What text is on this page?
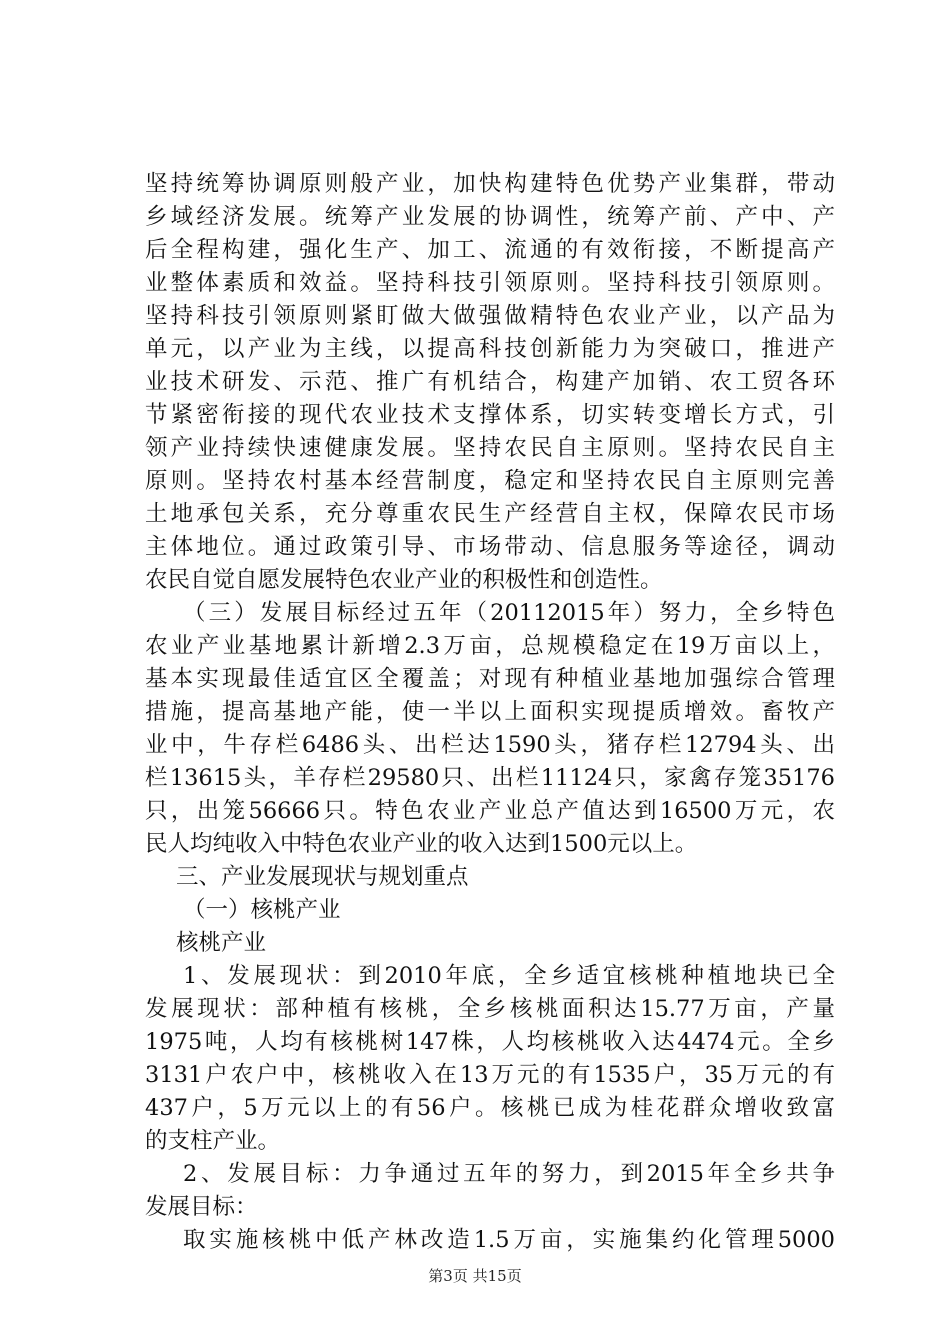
坚持统筹协调原则般产业，加快构建特色优势产业集群，带动
乡域经济发展。统筹产业发展的协调性，统筹产前、产中、产
后全程构建，强化生产、加工、流通的有效衔接，不断提高产
业整体素质和效益。坚持科技引领原则。坚持科技引领原则。
坚持科技引领原则紧盯做大做强做精特色农业产业，以产品为
单元，以产业为主线，以提高科技创新能力为突破口，推进产
业技术研发、示范、推广有机结合，构建产加销、农工贸各环
节紧密衔接的现代农业技术支撑体系，切实转变增长方式，引
领产业持续快速健康发展。坚持农民自主原则。坚持农民自主
原则。坚持农村基本经营制度，稳定和坚持农民自主原则完善
土地承包关系，充分尊重农民生产经营自主权，保障农民市场
主体地位。通过政策引导、市场带动、信息服务等途径，调动
农民自觉自愿发展特色农业产业的积极性和创造性。
（三）发展目标经过五年（20112015年）努力，全乡特色
农业产业基地累计新增2.3万亩，总规模稳定在19万亩以上，
基本实现最佳适宜区全覆盖；对现有种植业基地加强综合管理
措施，提高基地产能，使一半以上面积实现提质增效。畜牧产
业中，牛存栏6486头、出栏达1590头，猪存栏12794头、出
栏13615头，羊存栏29580只、出栏11124只，家禽存笼35176
只，出笼56666只。特色农业产业总产值达到16500万元，农
民人均纯收入中特色农业产业的收入达到1500元以上。
三、产业发展现状与规划重点
（一）核桃产业
核桃产业
1、发展现状：到2010年底，全乡适宜核桃种植地块已全
发展现状：部种植有核桃，全乡核桃面积达15.77万亩，产量
1975吨，人均有核桃树147株，人均核桃收入达4474元。全乡
3131户农户中，核桃收入在13万元的有1535户，35万元的有
437户，5万元以上的有56户。核桃已成为桂花群众增收致富
的支柱产业。
2、发展目标：力争通过五年的努力，到2015年全乡共争
发展目标：
取实施核桃中低产林改造1.5万亩，实施集约化管理5000
第3页 共15页
